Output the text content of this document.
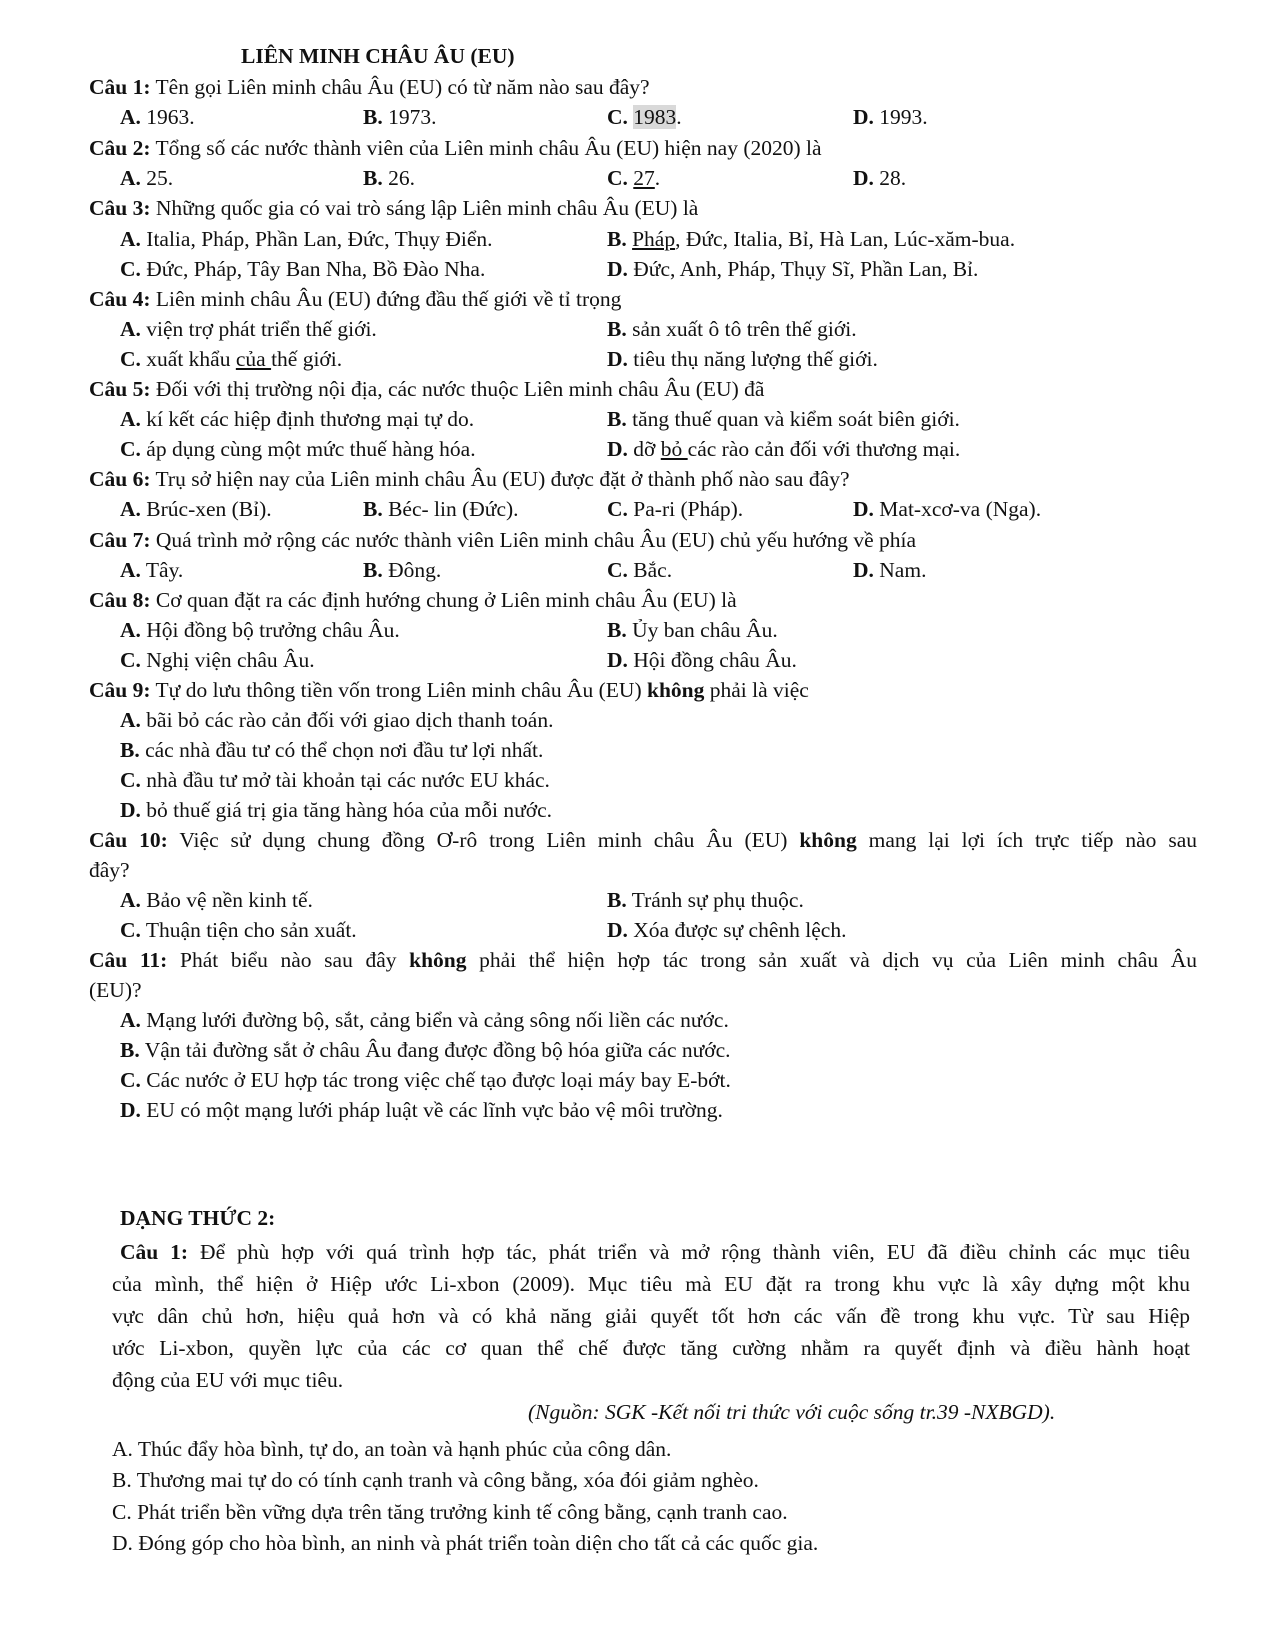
LIÊN MINH CHÂU ÂU (EU)
Câu 1: Tên gọi Liên minh châu Âu (EU) có từ năm nào sau đây?
A. 1963.	B. 1973.	C. 1983.	D. 1993.
Câu 2: Tổng số các nước thành viên của Liên minh châu Âu (EU) hiện nay (2020) là
A. 25.	B. 26.	C. 27.	D. 28.
Câu 3: Những quốc gia có vai trò sáng lập Liên minh châu Âu (EU) là
A. Italia, Pháp, Phần Lan, Đức, Thụy Điển.	B. Pháp, Đức, Italia, Bỉ, Hà Lan, Lúc-xăm-bua.
C. Đức, Pháp, Tây Ban Nha, Bồ Đào Nha.	D. Đức, Anh, Pháp, Thụy Sĩ, Phần Lan, Bỉ.
Câu 4: Liên minh châu Âu (EU) đứng đầu thế giới về tỉ trọng
A. viện trợ phát triển thế giới.	B. sản xuất ô tô trên thế giới.
C. xuất khẩu của thế giới.	D. tiêu thụ năng lượng thế giới.
Câu 5: Đối với thị trường nội địa, các nước thuộc Liên minh châu Âu (EU) đã
A. kí kết các hiệp định thương mại tự do.	B. tăng thuế quan và kiểm soát biên giới.
C. áp dụng cùng một mức thuế hàng hóa.	D. dỡ bỏ các rào cản đối với thương mại.
Câu 6: Trụ sở hiện nay của Liên minh châu Âu (EU) được đặt ở thành phố nào sau đây?
A. Brúc-xen (Bỉ).	B. Béc- lin (Đức).	C. Pa-ri (Pháp).	D. Mat-xcơ-va (Nga).
Câu 7: Quá trình mở rộng các nước thành viên Liên minh châu Âu (EU) chủ yếu hướng về phía
A. Tây.	B. Đông.	C. Bắc.	D. Nam.
Câu 8: Cơ quan đặt ra các định hướng chung ở Liên minh châu Âu (EU) là
A. Hội đồng bộ trưởng châu Âu.	B. Ủy ban châu Âu.
C. Nghị viện châu Âu.	D. Hội đồng châu Âu.
Câu 9: Tự do lưu thông tiền vốn trong Liên minh châu Âu (EU) không phải là việc
A. bãi bỏ các rào cản đối với giao dịch thanh toán.
B. các nhà đầu tư có thể chọn nơi đầu tư lợi nhất.
C. nhà đầu tư mở tài khoản tại các nước EU khác.
D. bỏ thuế giá trị gia tăng hàng hóa của mỗi nước.
Câu 10: Việc sử dụng chung đồng Ơ-rô trong Liên minh châu Âu (EU) không mang lại lợi ích trực tiếp nào sau
đây?
A. Bảo vệ nền kinh tế.	B. Tránh sự phụ thuộc.
C. Thuận tiện cho sản xuất.	D. Xóa được sự chênh lệch.
Câu 11: Phát biểu nào sau đây không phải thể hiện hợp tác trong sản xuất và dịch vụ của Liên minh châu Âu
(EU)?
A. Mạng lưới đường bộ, sắt, cảng biển và cảng sông nối liền các nước.
B. Vận tải đường sắt ở châu Âu đang được đồng bộ hóa giữa các nước.
C. Các nước ở EU hợp tác trong việc chế tạo được loại máy bay E-bớt.
D. EU có một mạng lưới pháp luật về các lĩnh vực bảo vệ môi trường.
DẠNG THỨC 2:
Câu 1: Để phù hợp với quá trình hợp tác, phát triển và mở rộng thành viên, EU đã điều chỉnh các mục tiêu
của mình, thể hiện ở Hiệp ước Li-xbon (2009). Mục tiêu mà EU đặt ra trong khu vực là xây dựng một khu
vực dân chủ hơn, hiệu quả hơn và có khả năng giải quyết tốt hơn các vấn đề trong khu vực. Từ sau Hiệp
ước Li-xbon, quyền lực của các cơ quan thể chế được tăng cường nhằm ra quyết định và điều hành hoạt
động của EU với mục tiêu.
(Nguồn: SGK -Kết nối tri thức với cuộc sống tr.39 -NXBGD).
A. Thúc đẩy hòa bình, tự do, an toàn và hạnh phúc của công dân.
B. Thương mai tự do có tính cạnh tranh và công bằng, xóa đói giảm nghèo.
C. Phát triển bền vững dựa trên tăng trưởng kinh tế công bằng, cạnh tranh cao.
D. Đóng góp cho hòa bình, an ninh và phát triển toàn diện cho tất cả các quốc gia.
